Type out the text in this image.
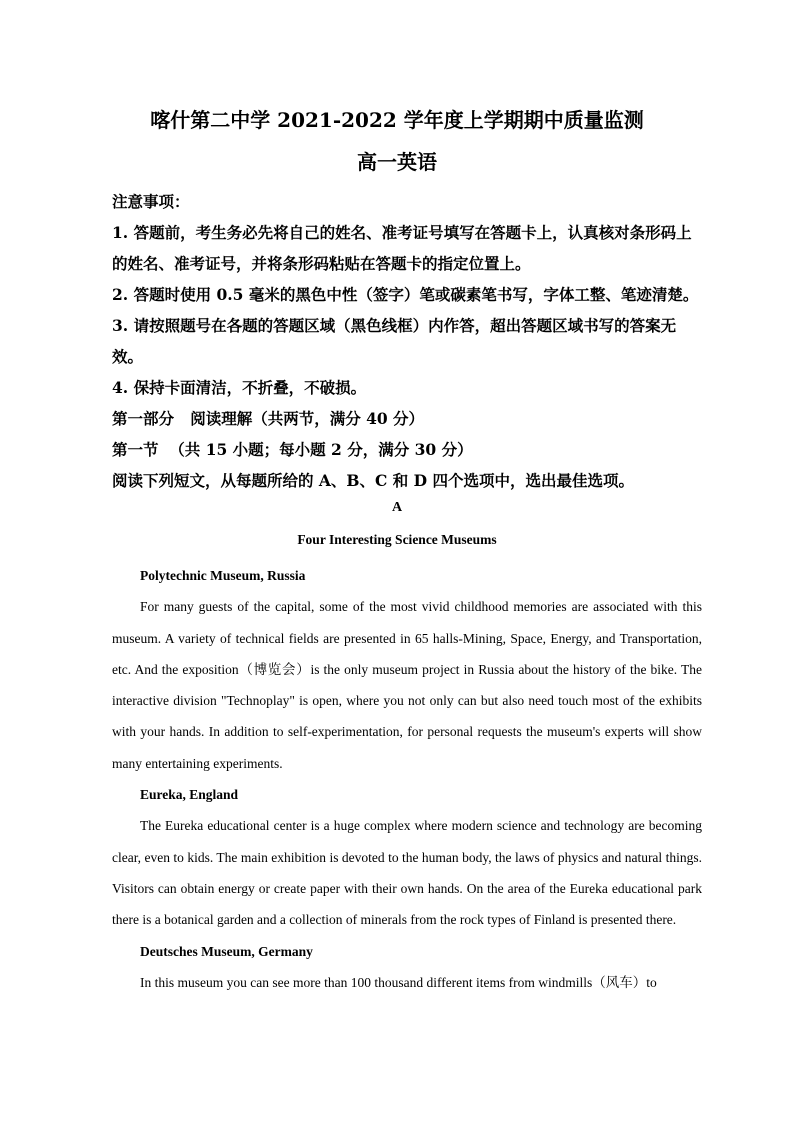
喀什第二中学 2021-2022 学年度上学期期中质量监测
高一英语

注意事项：

1. 答题前，考生务必先将自己的姓名、准考证号填写在答题卡上，认真核对条形码上的姓名、准考证号，并将条形码粘贴在答题卡的指定位置上。

2. 答题时使用 0.5 毫米的黑色中性（签字）笔或碳素笔书写，字体工整、笔迹清楚。

3. 请按照题号在各题的答题区域（黑色线框）内作答，超出答题区域书写的答案无效。

4. 保持卡面清洁，不折叠，不破损。

第一部分   阅读理解（共两节，满分 40 分）

第一节  （共 15 小题；每小题 2 分，满分 30 分）

阅读下列短文，从每题所给的 A、B、C 和 D 四个选项中，选出最佳选项。

A
Four Interesting Science Museums

Polytechnic Museum, Russia

For many guests of the capital, some of the most vivid childhood memories are associated with this museum. A variety of technical fields are presented in 65 halls-Mining, Space, Energy, and Transportation, etc. And the exposition（博览会）is the only museum project in Russia about the history of the bike. The interactive division "Technoplay" is open, where you not only can but also need touch most of the exhibits with your hands. In addition to self-experimentation, for personal requests the museum's experts will show many entertaining experiments.

Eureka, England

The Eureka educational center is a huge complex where modern science and technology are becoming clear, even to kids. The main exhibition is devoted to the human body, the laws of physics and natural things. Visitors can obtain energy or create paper with their own hands. On the area of the Eureka educational park there is a botanical garden and a collection of minerals from the rock types of Finland is presented there.

Deutsches Museum, Germany

In this museum you can see more than 100 thousand different items from windmills（风车）to
